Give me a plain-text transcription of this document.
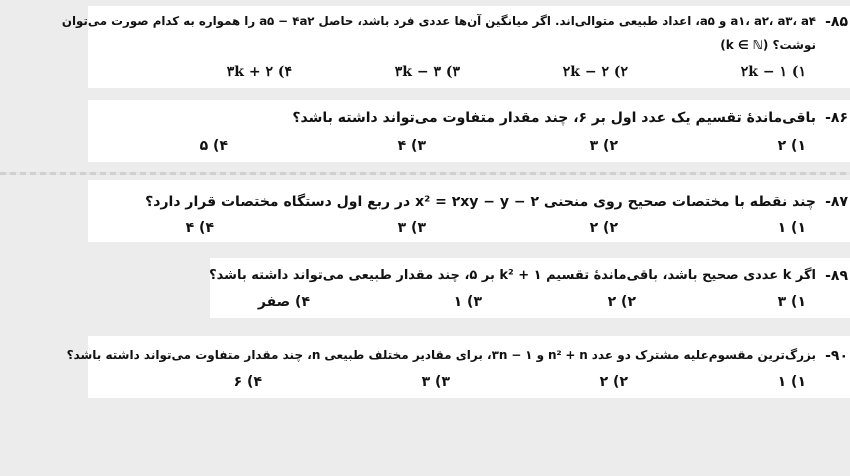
۸۵-
a۱، a۲، a۳، a۴ و a۵، اعداد طبیعی متوالی‌اند. اگر میانگین آن‌ها عددی فرد باشد، حاصل a۵ − ۴a۲ را همواره به کدام صورت می‌توان
نوشت؟ (k ∈ ℕ)
۱) ۲k − ۱
۲) ۲k − ۲
۳) ۳k − ۳
۴) ۳k + ۲
۸۶-
باقی‌ماندهٔ تقسیم یک عدد اول بر ۶، چند مقدار متفاوت می‌تواند داشته باشد؟
۱) ۲
۲) ۳
۳) ۴
۴) ۵
۸۷-
چند نقطه با مختصات صحیح روی منحنی x² = ۲xy − y − ۲ در ربع اول دستگاه مختصات قرار دارد؟
۱) ۱
۲) ۲
۳) ۳
۴) ۴
۸۹-
اگر k عددی صحیح باشد، باقی‌ماندهٔ تقسیم k² + ۱ بر ۵، چند مقدار طبیعی می‌تواند داشته باشد؟
۱) ۳
۲) ۲
۳) ۱
۴) صفر
۹۰-
بزرگ‌ترین مقسوم‌علیه مشترک دو عدد n² + n و ۳n − ۱، برای مقادیر مختلف طبیعی n، چند مقدار متفاوت می‌تواند داشته باشد؟
۱) ۱
۲) ۲
۳) ۳
۴) ۶
